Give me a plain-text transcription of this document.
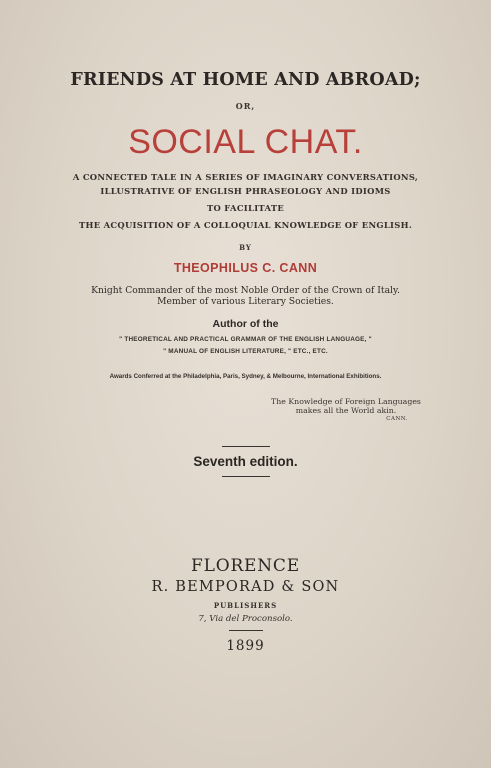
FRIENDS AT HOME AND ABROAD;
OR,
SOCIAL CHAT.
A CONNECTED TALE IN A SERIES OF IMAGINARY CONVERSATIONS,
ILLUSTRATIVE OF ENGLISH PHRASEOLOGY AND IDIOMS
TO FACILITATE
THE ACQUISITION OF A COLLOQUIAL KNOWLEDGE OF ENGLISH.
BY
THEOPHILUS C. CANN
Knight Commander of the most Noble Order of the Crown of Italy.
Member of various Literary Societies.
Author of the
" THEORETICAL AND PRACTICAL GRAMMAR OF THE ENGLISH LANGUAGE, "
" MANUAL OF ENGLISH LITERATURE, " ETC., ETC.
Awards Conferred at the Philadelphia, Paris, Sydney, & Melbourne, International Exhibitions.
The Knowledge of Foreign Languages
makes all the World akin.
CANN.
Seventh edition.
FLORENCE
R. BEMPORAD & SON
PUBLISHERS
7, Via del Proconsolo.
1899
